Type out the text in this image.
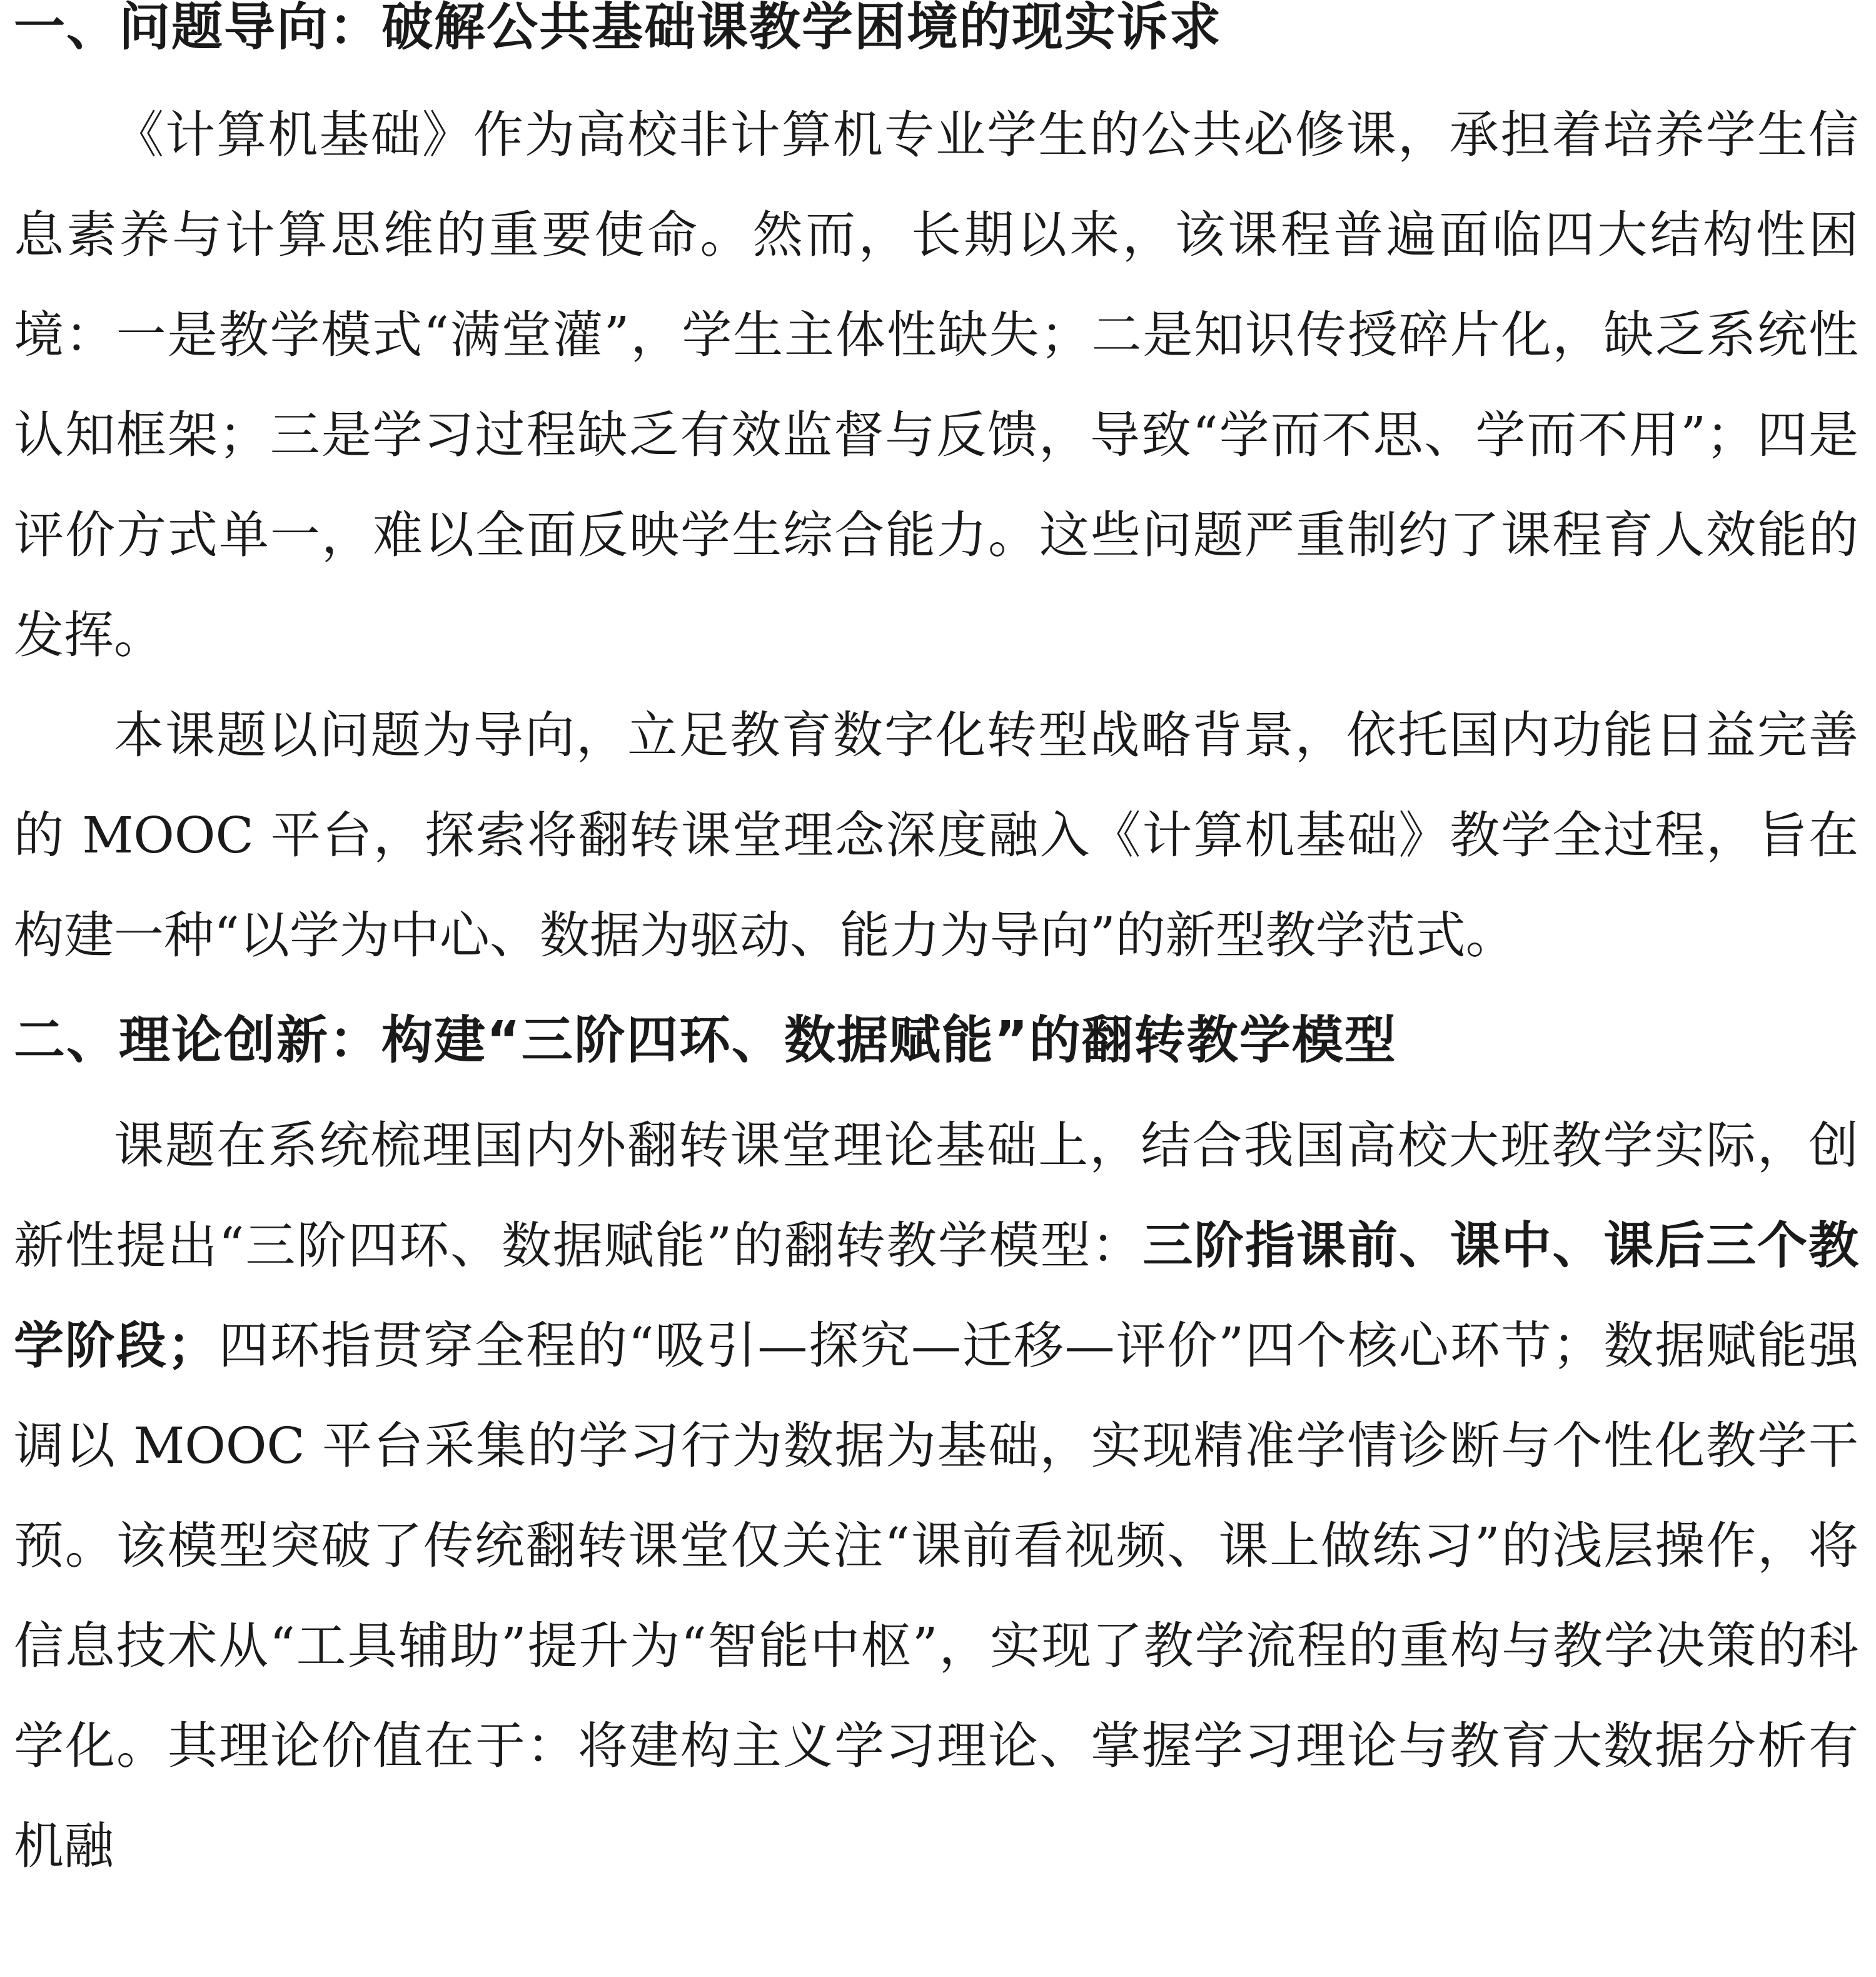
一、问题导向：破解公共基础课教学困境的现实诉求

《计算机基础》作为高校非计算机专业学生的公共必修课，承担着培养学生信息素养与计算思维的重要使命。然而，长期以来，该课程普遍面临四大结构性困境：一是教学模式“满堂灌”，学生主体性缺失；二是知识传授碎片化，缺乏系统性认知框架；三是学习过程缺乏有效监督与反馈，导致“学而不思、学而不用”；四是评价方式单一，难以全面反映学生综合能力。这些问题严重制约了课程育人效能的发挥。

本课题以问题为导向，立足教育数字化转型战略背景，依托国内功能日益完善的 MOOC 平台，探索将翻转课堂理念深度融入《计算机基础》教学全过程，旨在构建一种“以学为中心、数据为驱动、能力为导向”的新型教学范式。

二、理论创新：构建“三阶四环、数据赋能”的翻转教学模型

课题在系统梳理国内外翻转课堂理论基础上，结合我国高校大班教学实际，创新性提出“三阶四环、数据赋能”的翻转教学模型：三阶指课前、课中、课后三个教学阶段；四环指贯穿全程的“吸引—探究—迁移—评价”四个核心环节；数据赋能强调以 MOOC 平台采集的学习行为数据为基础，实现精准学情诊断与个性化教学干预。该模型突破了传统翻转课堂仅关注“课前看视频、课上做练习”的浅层操作，将信息技术从“工具辅助”提升为“智能中枢”，实现了教学流程的重构与教学决策的科学化。其理论价值在于：将建构主义学习理论、掌握学习理论与教育大数据分析有机融
